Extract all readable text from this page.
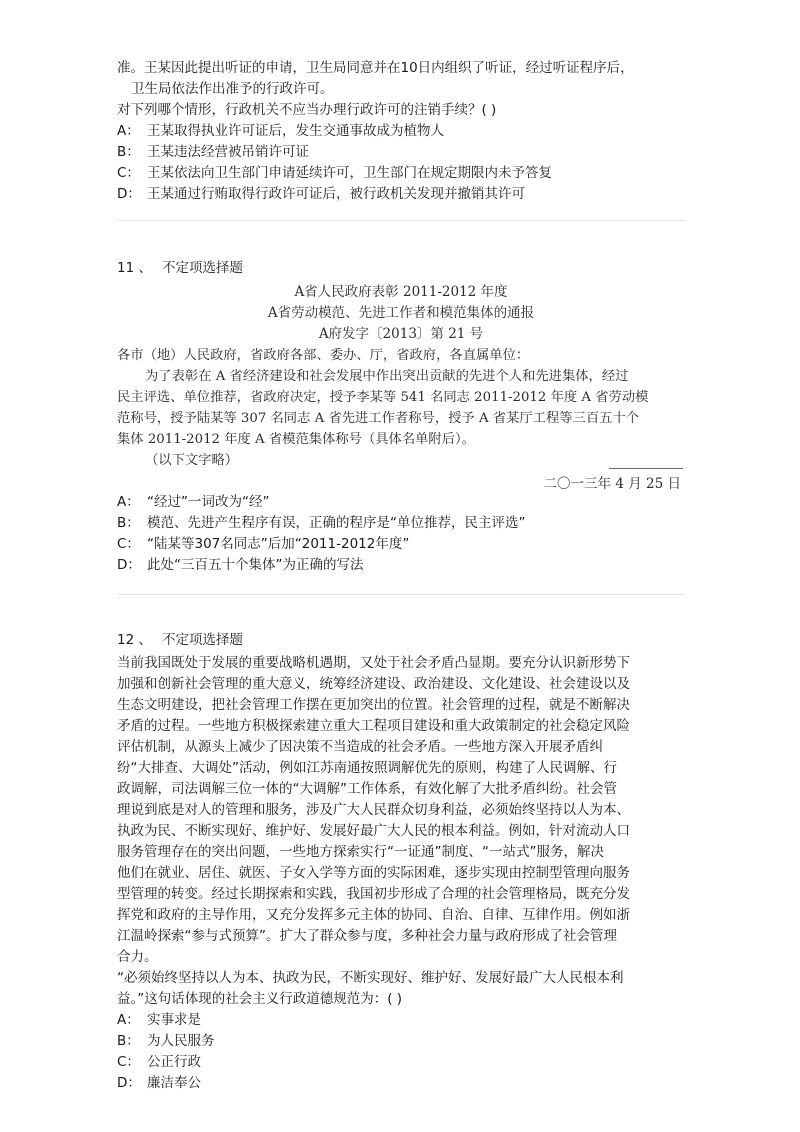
准。王某因此提出听证的申请，卫生局同意并在10日内组织了听证，经过听证程序后，
卫生局依法作出准予的行政许可。
对下列哪个情形，行政机关不应当办理行政许可的注销手续？( )
A： 王某取得执业许可证后，发生交通事故成为植物人
B： 王某违法经营被吊销许可证
C： 王某依法向卫生部门申请延续许可，卫生部门在规定期限内未予答复
D： 王某通过行贿取得行政许可证后，被行政机关发现并撤销其许可
11 、 不定项选择题
A省人民政府表彰 2011-2012 年度
A省劳动模范、先进工作者和模范集体的通报
A府发字〔2013〕第 21 号
各市（地）人民政府，省政府各部、委办、厅，省政府，各直属单位：
为了表彰在 A 省经济建设和社会发展中作出突出贡献的先进个人和先进集体，经过
民主评选、单位推荐，省政府决定，授予李某等 541 名同志 2011-2012 年度 A 省劳动模
范称号，授予陆某等 307 名同志 A 省先进工作者称号，授予 A 省某厅工程等三百五十个
集体 2011-2012 年度 A 省模范集体称号（具体名单附后）。
（以下文字略）
二〇一三年 4 月 25 日
A： “经过”一词改为“经”
B： 模范、先进产生程序有误，正确的程序是“单位推荐，民主评选”
C： “陆某等307名同志”后加“2011-2012年度”
D： 此处“三百五十个集体”为正确的写法
12 、 不定项选择题

当前我国既处于发展的重要战略机遇期，又处于社会矛盾凸显期。要充分认识新形势下

加强和创新社会管理的重大意义，统筹经济建设、政治建设、文化建设、社会建设以及

生态文明建设，把社会管理工作摆在更加突出的位置。社会管理的过程，就是不断解决

矛盾的过程。一些地方积极探索建立重大工程项目建设和重大政策制定的社会稳定风险

评估机制，从源头上减少了因决策不当造成的社会矛盾。一些地方深入开展矛盾纠

纷“大排查、大调处”活动，例如江苏南通按照调解优先的原则，构建了人民调解、行

政调解，司法调解三位一体的“大调解”工作体系，有效化解了大批矛盾纠纷。社会管

理说到底是对人的管理和服务，涉及广大人民群众切身利益，必须始终坚持以人为本、

执政为民、不断实现好、维护好、发展好最广大人民的根本利益。例如，针对流动人口

服务管理存在的突出问题，一些地方探索实行“一证通”制度、“一站式”服务，解决

他们在就业、居住、就医、子女入学等方面的实际困难，逐步实现由控制型管理向服务

型管理的转变。经过长期探索和实践，我国初步形成了合理的社会管理格局，既充分发

挥党和政府的主导作用，又充分发挥多元主体的协同、自治、自律、互律作用。例如浙

江温岭探索“参与式预算”。扩大了群众参与度，多种社会力量与政府形成了社会管理

合力。

“必须始终坚持以人为本、执政为民，不断实现好、维护好、发展好最广大人民根本利

益。”这句话体现的社会主义行政道德规范为：( )

A： 实事求是
B： 为人民服务
C： 公正行政
D： 廉洁奉公
